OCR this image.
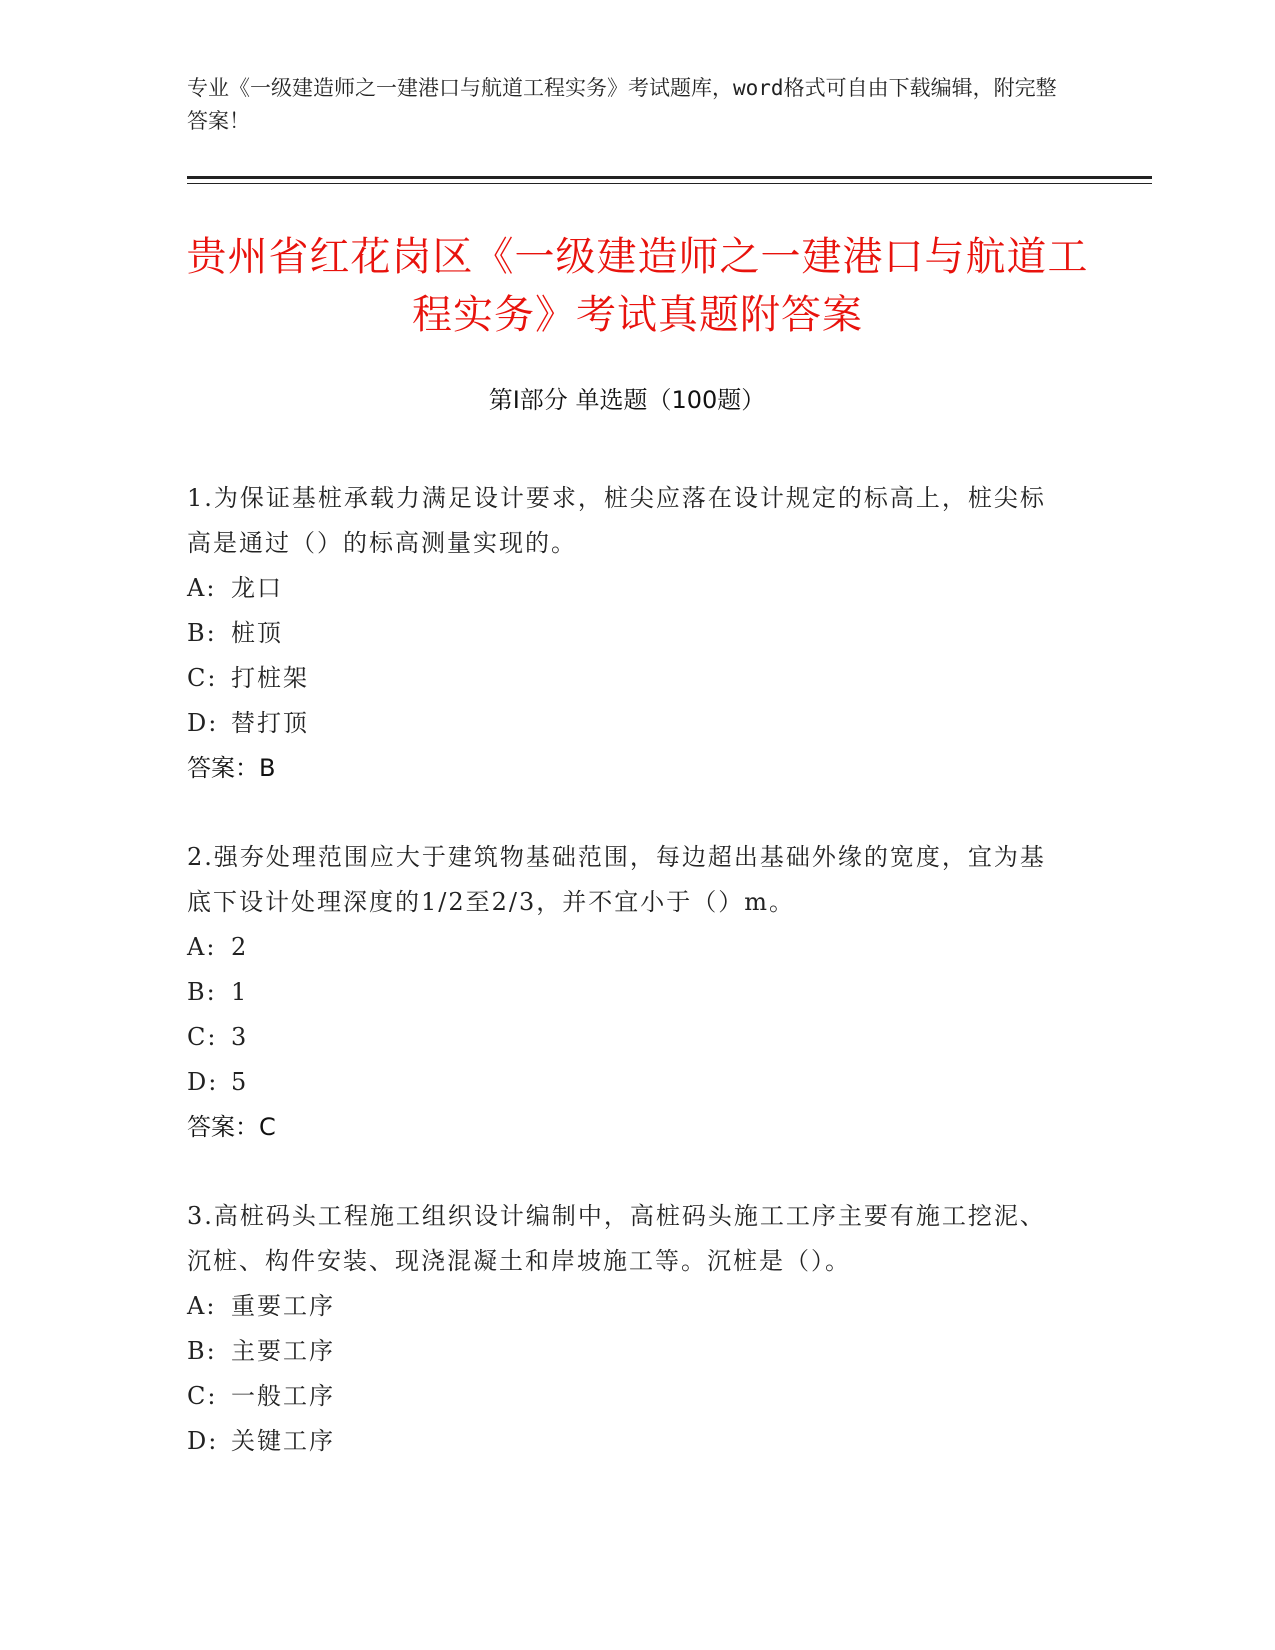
专业《一级建造师之一建港口与航道工程实务》考试题库，word格式可自由下载编辑，附完整答案！
贵州省红花岗区《一级建造师之一建港口与航道工程实务》考试真题附答案
第Ⅰ部分 单选题（100题）
1.为保证基桩承载力满足设计要求，桩尖应落在设计规定的标高上，桩尖标高是通过（）的标高测量实现的。
A: 龙口
B: 桩顶
C: 打桩架
D: 替打顶
答案：B
2.强夯处理范围应大于建筑物基础范围，每边超出基础外缘的宽度，宜为基底下设计处理深度的1/2至2/3，并不宜小于（）m。
A: 2
B: 1
C: 3
D: 5
答案：C
3.高桩码头工程施工组织设计编制中，高桩码头施工工序主要有施工挖泥、沉桩、构件安装、现浇混凝土和岸坡施工等。沉桩是（）。
A: 重要工序
B: 主要工序
C: 一般工序
D: 关键工序
